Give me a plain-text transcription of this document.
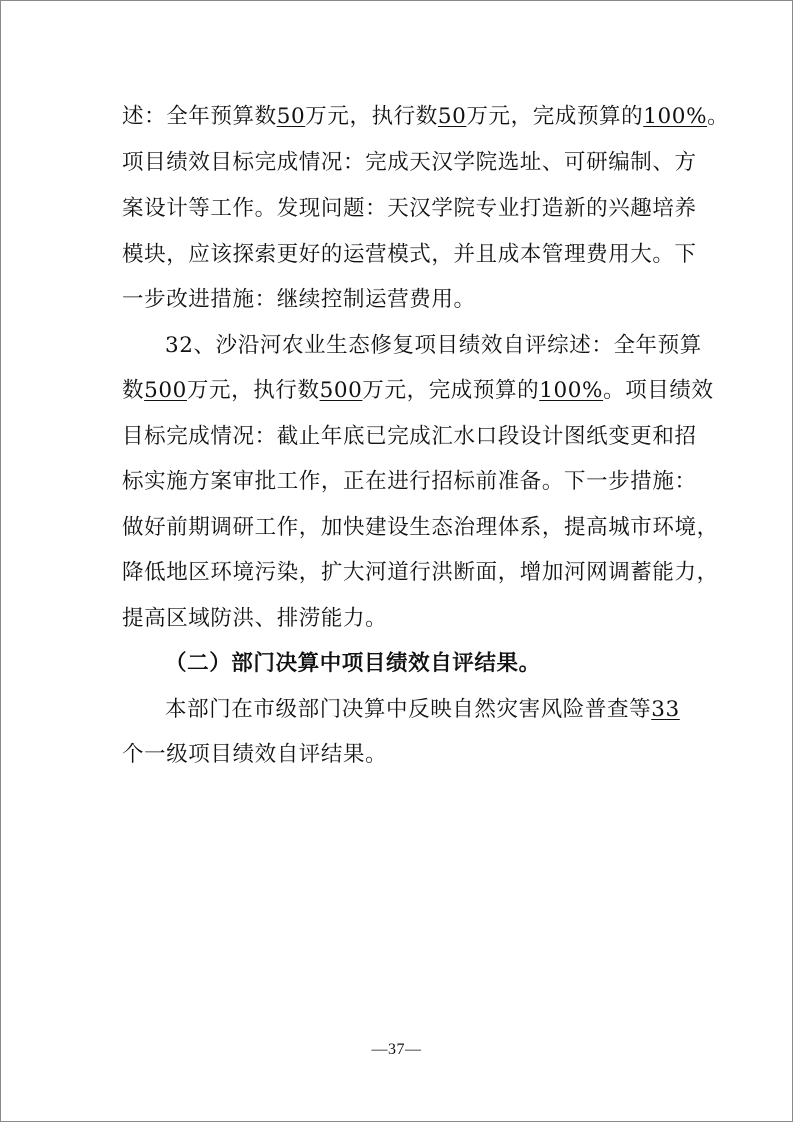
述：全年预算数50万元，执行数50万元，完成预算的100%。
项目绩效目标完成情况：完成天汉学院选址、可研编制、方
案设计等工作。发现问题：天汉学院专业打造新的兴趣培养
模块，应该探索更好的运营模式，并且成本管理费用大。下
一步改进措施：继续控制运营费用。
32、沙沿河农业生态修复项目绩效自评综述：全年预算
数500万元，执行数500万元，完成预算的100%。项目绩效
目标完成情况：截止年底已完成汇水口段设计图纸变更和招
标实施方案审批工作，正在进行招标前准备。下一步措施：
做好前期调研工作，加快建设生态治理体系，提高城市环境，
降低地区环境污染，扩大河道行洪断面，增加河网调蓄能力，
提高区域防洪、排涝能力。
（二）部门决算中项目绩效自评结果。
本部门在市级部门决算中反映自然灾害风险普查等33
个一级项目绩效自评结果。
—37—
